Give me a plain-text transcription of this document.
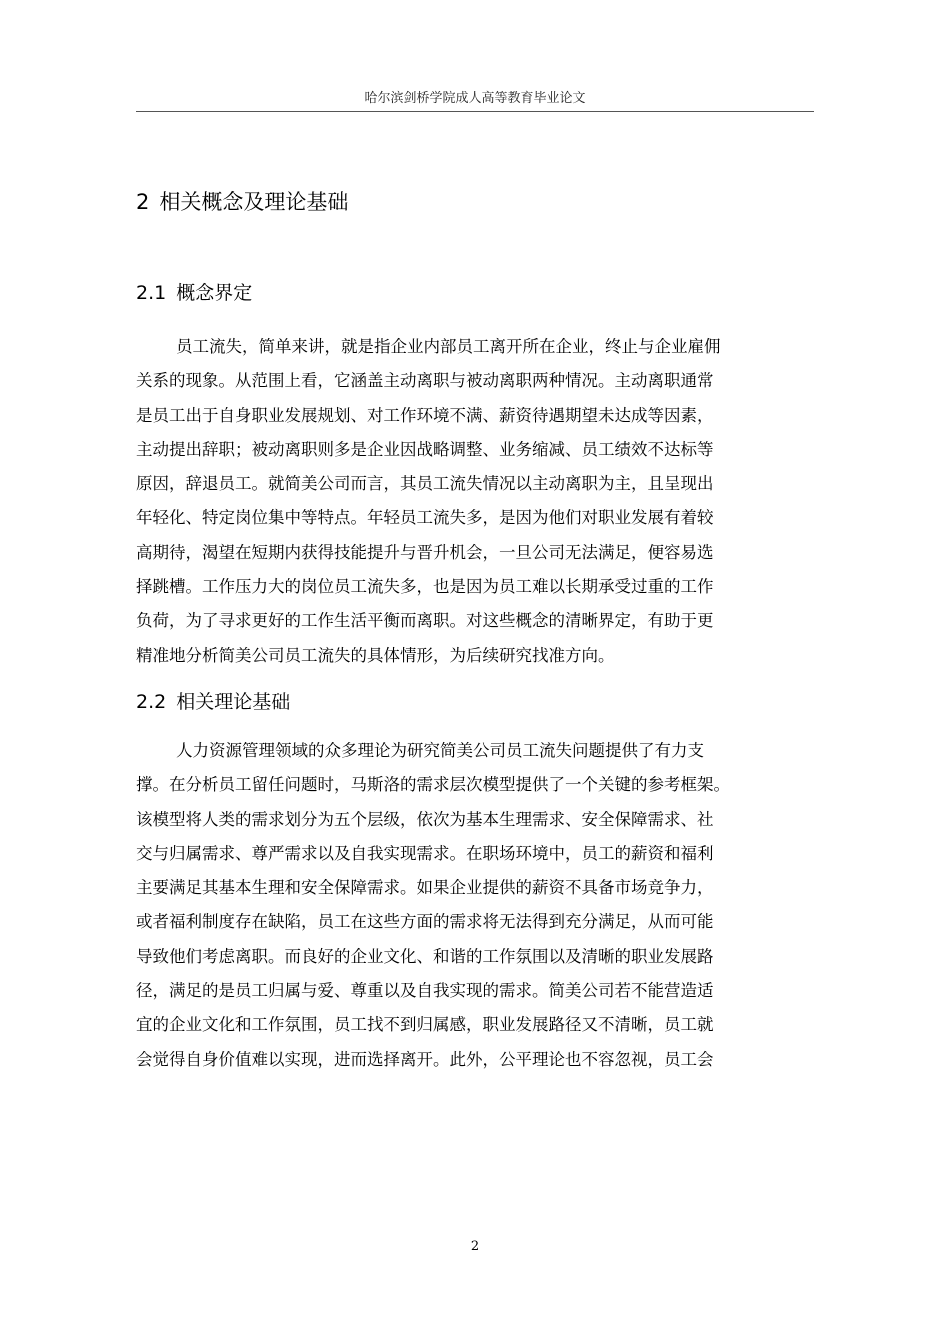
哈尔滨剑桥学院成人高等教育毕业论文
2 相关概念及理论基础
2.1 概念界定

员工流失，简单来讲，就是指企业内部员工离开所在企业，终止与企业雇佣
关系的现象。从范围上看，它涵盖主动离职与被动离职两种情况。主动离职通常
是员工出于自身职业发展规划、对工作环境不满、薪资待遇期望未达成等因素，
主动提出辞职；被动离职则多是企业因战略调整、业务缩减、员工绩效不达标等
原因，辞退员工。就简美公司而言，其员工流失情况以主动离职为主，且呈现出
年轻化、特定岗位集中等特点。年轻员工流失多，是因为他们对职业发展有着较
高期待，渴望在短期内获得技能提升与晋升机会，一旦公司无法满足，便容易选
择跳槽。工作压力大的岗位员工流失多，也是因为员工难以长期承受过重的工作
负荷，为了寻求更好的工作生活平衡而离职。对这些概念的清晰界定，有助于更
精准地分析简美公司员工流失的具体情形，为后续研究找准方向。

2.2 相关理论基础

人力资源管理领域的众多理论为研究简美公司员工流失问题提供了有力支
撑。在分析员工留任问题时，马斯洛的需求层次模型提供了一个关键的参考框架。
该模型将人类的需求划分为五个层级，依次为基本生理需求、安全保障需求、社
交与归属需求、尊严需求以及自我实现需求。在职场环境中，员工的薪资和福利
主要满足其基本生理和安全保障需求。如果企业提供的薪资不具备市场竞争力，
或者福利制度存在缺陷，员工在这些方面的需求将无法得到充分满足，从而可能
导致他们考虑离职。而良好的企业文化、和谐的工作氛围以及清晰的职业发展路
径，满足的是员工归属与爱、尊重以及自我实现的需求。简美公司若不能营造适
宜的企业文化和工作氛围，员工找不到归属感，职业发展路径又不清晰，员工就
会觉得自身价值难以实现，进而选择离开。此外，公平理论也不容忽视，员工会

2
